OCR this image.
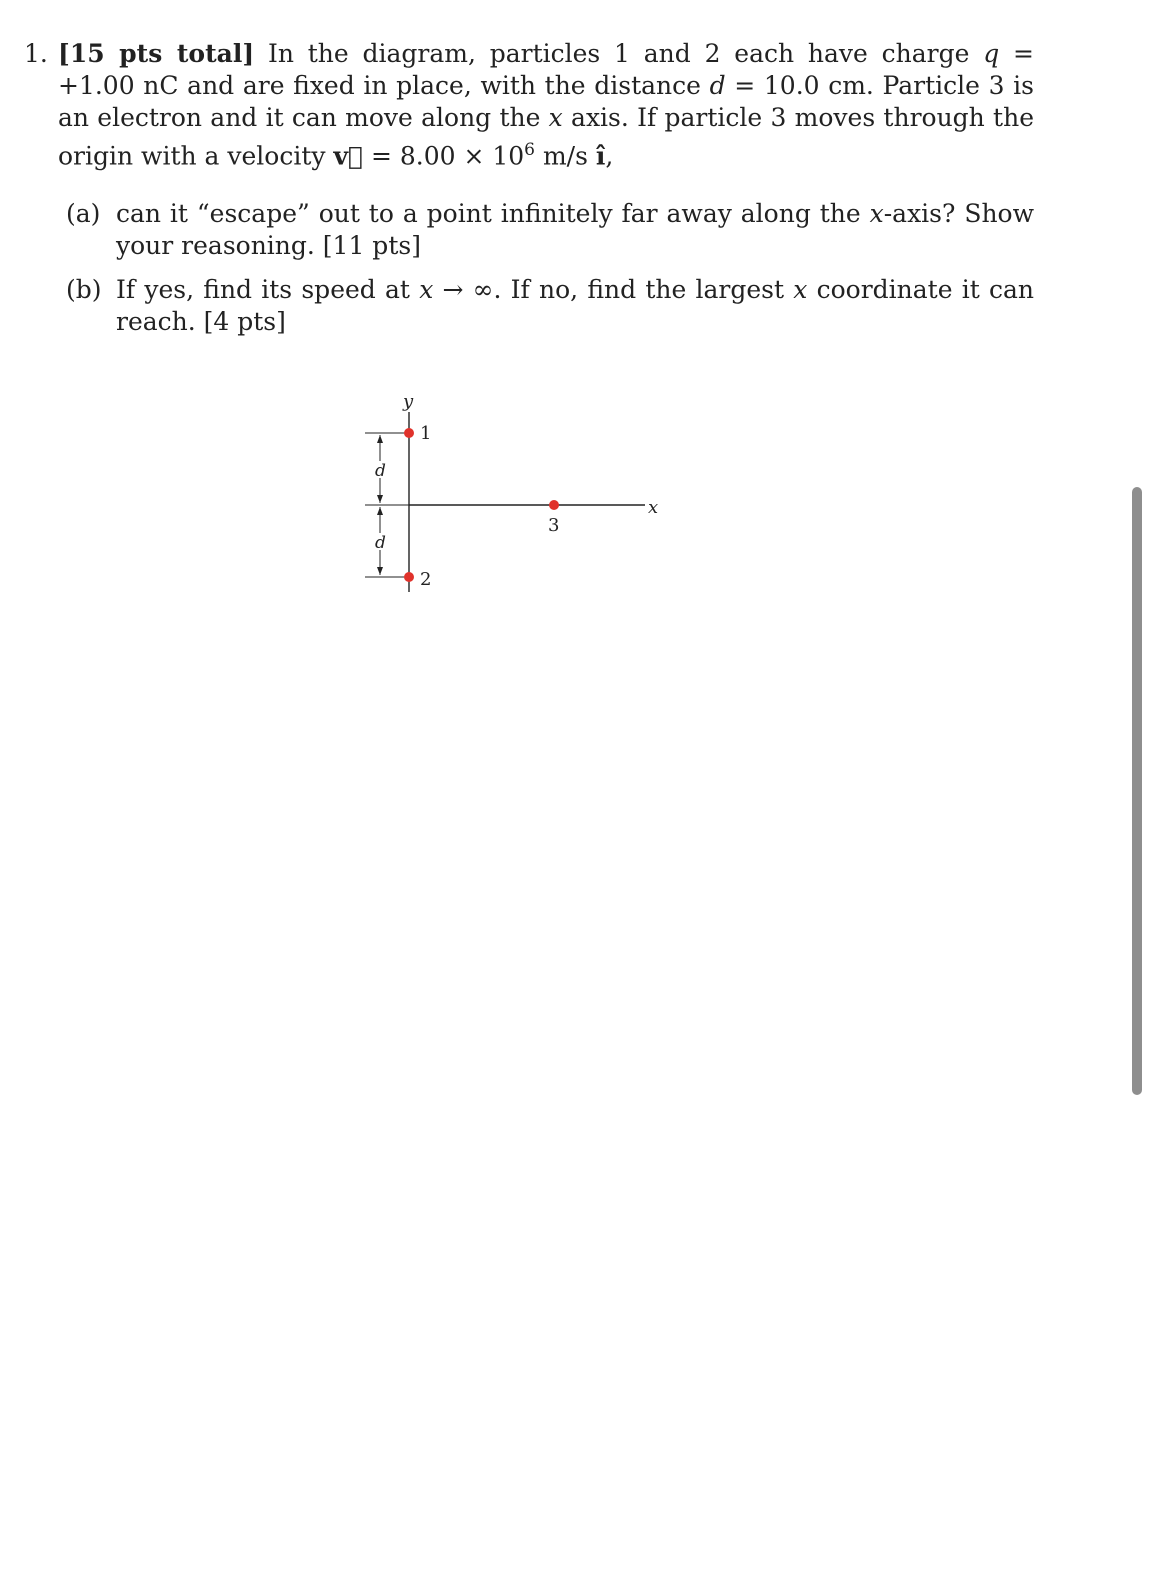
1. [15 pts total] In the diagram, particles 1 and 2 each have charge q = +1.00 nC and are fixed in place, with the distance d = 10.0 cm. Particle 3 is an electron and it can move along the x axis. If particle 3 moves through the origin with a velocity v⃗ = $8.00 \times 10^6$ m/s î,
(a) can it “escape” out to a point infinitely far away along the x-axis? Show your reasoning. [11 pts]
(b) If yes, find its speed at x → ∞. If no, find the largest x coordinate it can reach. [4 pts]
y
x
d
d
1
2
3
